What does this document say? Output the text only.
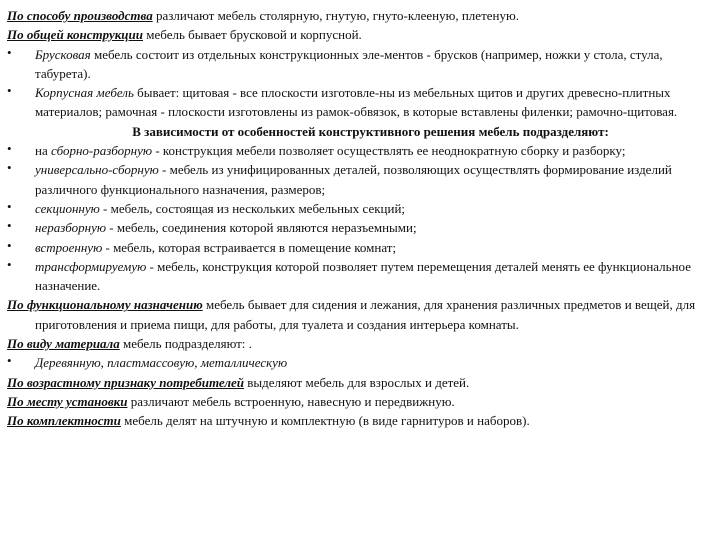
По способу производства различают мебель столярную, гнутую, гнуто-клееную, плетеную.

По общей конструкции мебель бывает брусковой и корпусной.

•	Брусковая мебель состоит из отдельных конструкционных эле-ментов - брусков (например, ножки у стола, стула, табурета).

•	Корпусная мебель бывает: щитовая - все плоскости изготовле-ны из мебельных щитов и других древесно-плитных материалов; рамочная - плоскости изготовлены из рамок-обвязок, в которые вставлены филенки; рамочно-щитовая.

В зависимости от особенностей конструктивного решения мебель подразделяют:

•	на сборно-разборную - конструкция мебели позволяет осуществлять ее неоднократную сборку и разборку;

•	универсально-сборную - мебель из унифицированных деталей, позволяющих осуществлять формирование изделий различного функционального назначения, размеров;

•	секционную - мебель, состоящая из нескольких мебельных секций;

•	неразборную - мебель, соединения которой являются неразъемными;

•	встроенную - мебель, которая встраивается в помещение комнат;

•	трансформируемую - мебель, конструкция которой позволяет путем перемещения деталей менять ее функциональное назначение.

По функциональному назначению мебель бывает для сидения и лежания, для хранения различных предметов и вещей, для приготовления и приема пищи, для работы, для туалета и создания интерьера комнаты.

По виду материала мебель подразделяют: .

•	Деревянную, пластмассовую, металлическую

По возрастному признаку потребителей выделяют мебель для взрослых и детей.

По месту установки различают мебель встроенную, навесную и передвижную.

По комплектности мебель делят на штучную и комплектную (в виде гарнитуров и наборов).
